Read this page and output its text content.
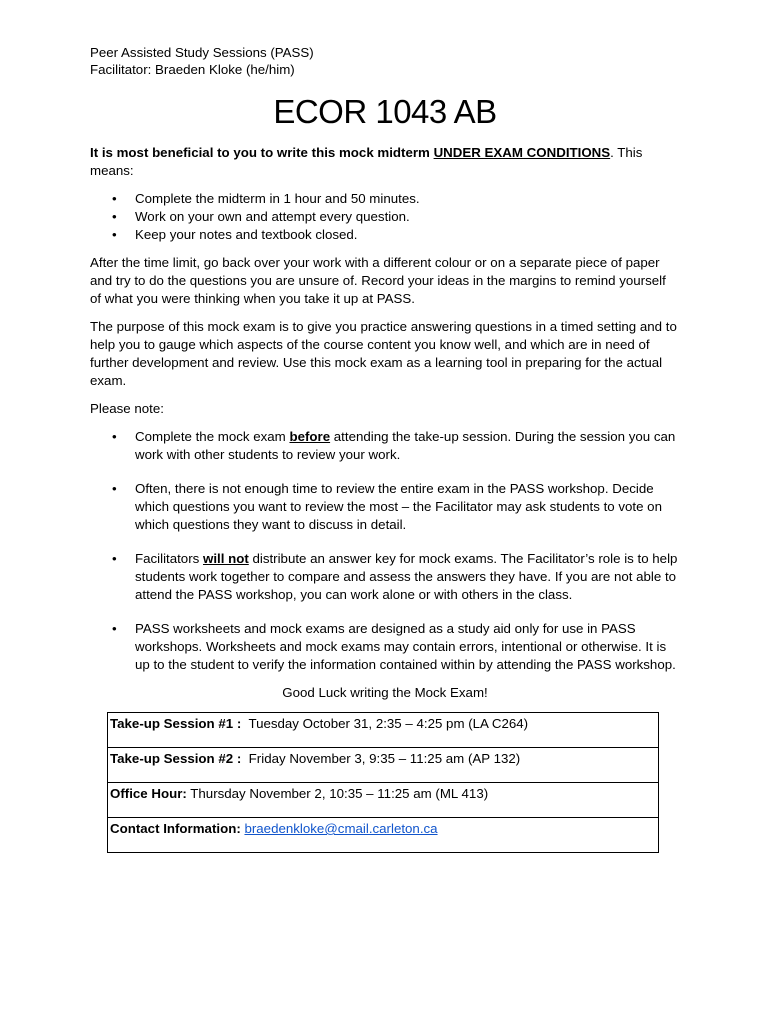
Peer Assisted Study Sessions (PASS)

Facilitator: Braeden Kloke (he/him)

ECOR 1043 AB

It is most beneficial to you to write this mock midterm UNDER EXAM CONDITIONS. This means:

• Complete the midterm in 1 hour and 50 minutes.
• Work on your own and attempt every question.
• Keep your notes and textbook closed.

After the time limit, go back over your work with a different colour or on a separate piece of paper and try to do the questions you are unsure of. Record your ideas in the margins to remind yourself of what you were thinking when you take it up at PASS.

The purpose of this mock exam is to give you practice answering questions in a timed setting and to help you to gauge which aspects of the course content you know well, and which are in need of further development and review. Use this mock exam as a learning tool in preparing for the actual exam.

Please note:

• Complete the mock exam before attending the take-up session. During the session you can work with other students to review your work.
• Often, there is not enough time to review the entire exam in the PASS workshop. Decide which questions you want to review the most – the Facilitator may ask students to vote on which questions they want to discuss in detail.
• Facilitators will not distribute an answer key for mock exams. The Facilitator’s role is to help students work together to compare and assess the answers they have. If you are not able to attend the PASS workshop, you can work alone or with others in the class.
• PASS worksheets and mock exams are designed as a study aid only for use in PASS workshops. Worksheets and mock exams may contain errors, intentional or otherwise. It is up to the student to verify the information contained within by attending the PASS workshop.

Good Luck writing the Mock Exam!

Take-up Session #1 :  Tuesday October 31, 2:35 – 4:25 pm (LA C264)
Take-up Session #2 :  Friday November 3, 9:35 – 11:25 am (AP 132)
Office Hour: Thursday November 2, 10:35 – 11:25 am (ML 413)
Contact Information: braedenkloke@cmail.carleton.ca
